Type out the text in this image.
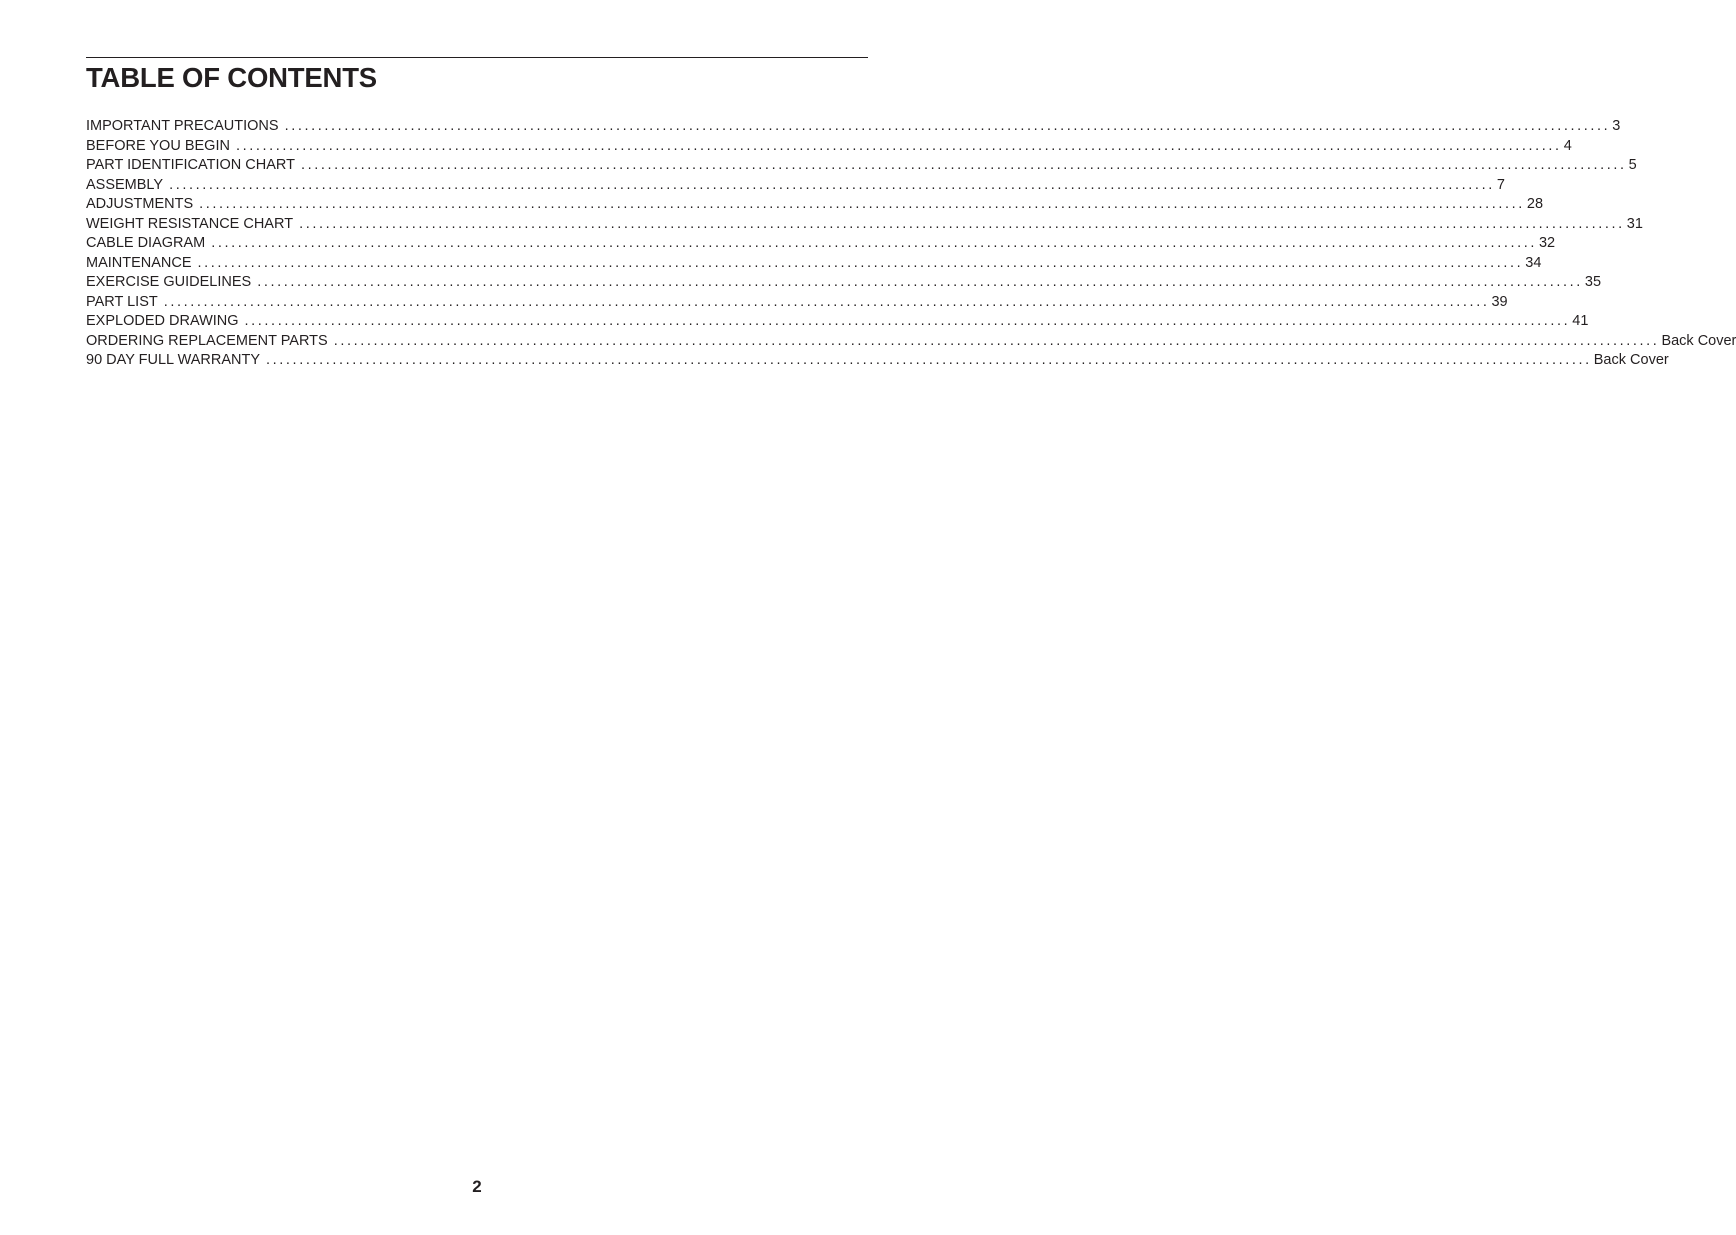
TABLE OF CONTENTS
IMPORTANT PRECAUTIONS ........................................................................................................................................................................................................ 3
BEFORE YOU BEGIN ........................................................................................................................................................................................................ 4
PART IDENTIFICATION CHART ........................................................................................................................................................................................................ 5
ASSEMBLY ........................................................................................................................................................................................................ 7
ADJUSTMENTS ........................................................................................................................................................................................................ 28
WEIGHT RESISTANCE CHART ........................................................................................................................................................................................................ 31
CABLE DIAGRAM ........................................................................................................................................................................................................ 32
MAINTENANCE ........................................................................................................................................................................................................ 34
EXERCISE GUIDELINES ........................................................................................................................................................................................................ 35
PART LIST ........................................................................................................................................................................................................ 39
EXPLODED DRAWING ........................................................................................................................................................................................................ 41
ORDERING REPLACEMENT PARTS ........................................................................................................................................................................................................ Back Cover
90 DAY FULL WARRANTY ........................................................................................................................................................................................................ Back Cover
2
